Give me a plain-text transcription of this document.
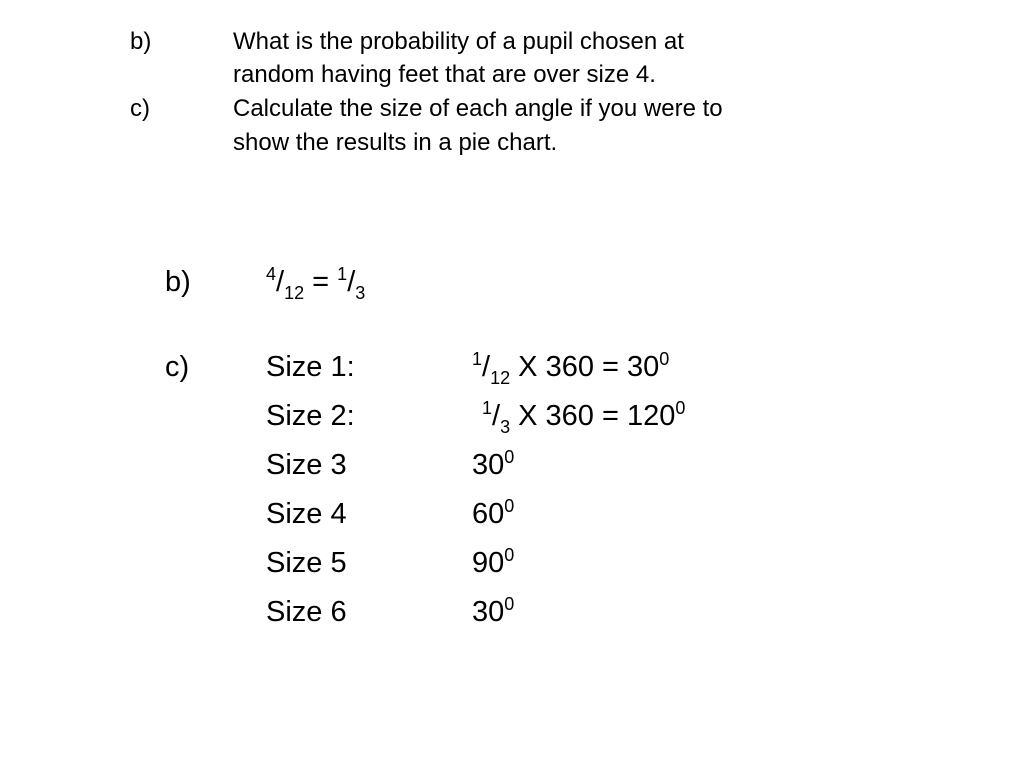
b)	What is the probability of a pupil chosen at
random having feet that are over size 4.
c)	Calculate the size of each angle if you were to
show the results in a pie chart.
b)	$^4/_{12} = ^1/_3$
c)	Size 1:	$^1/_{12}$ X $360 = 30^0$
Size 2:	$^1/_3$ X $360 = 120^0$
Size 3	$30^0$
Size 4	$60^0$
Size 5	$90^0$
Size 6	$30^0$
